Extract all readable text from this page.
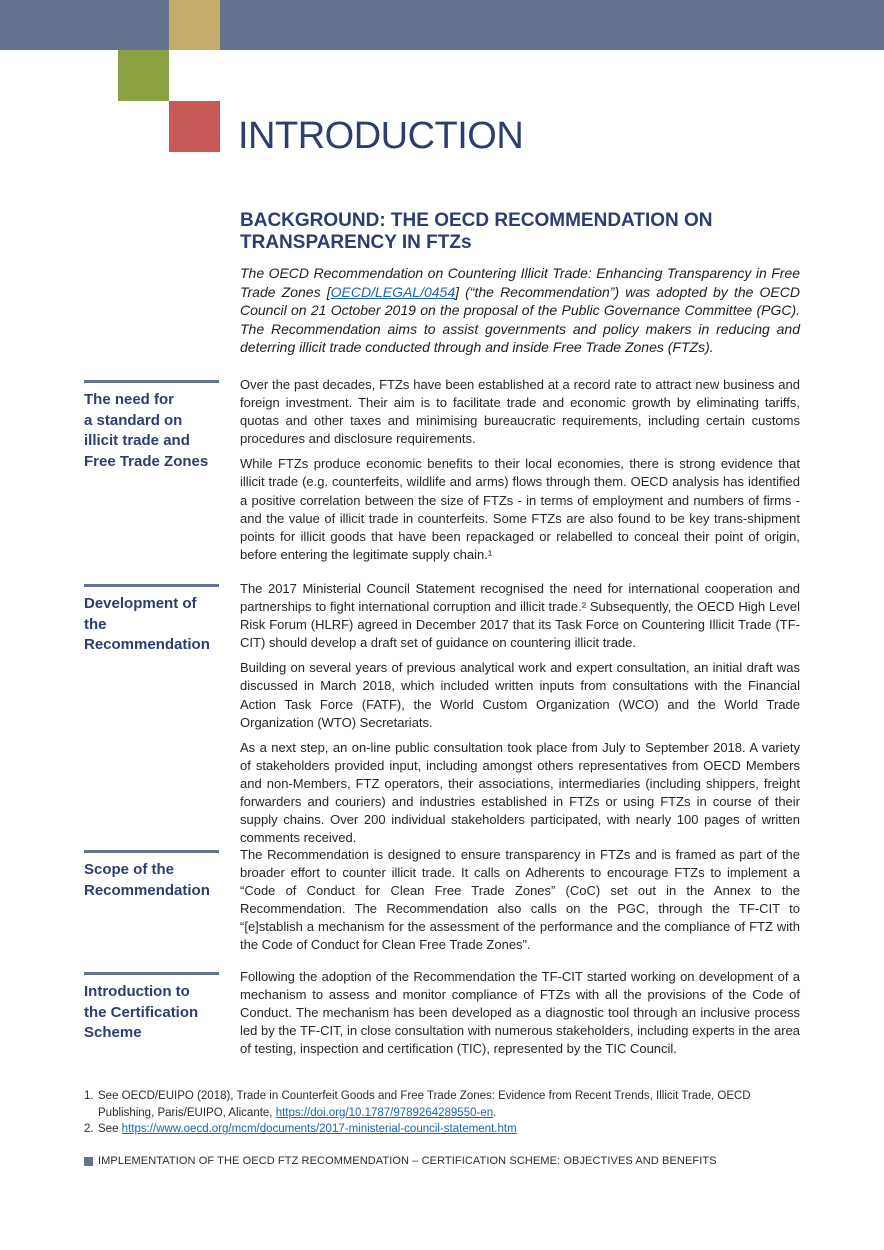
INTRODUCTION
BACKGROUND: THE OECD RECOMMENDATION ON TRANSPARENCY IN FTZs

The OECD Recommendation on Countering Illicit Trade: Enhancing Transparency in Free Trade Zones [OECD/LEGAL/0454] (“the Recommendation”) was adopted by the OECD Council on 21 October 2019 on the proposal of the Public Governance Committee (PGC). The Recommendation aims to assist governments and policy makers in reducing and deterring illicit trade conducted through and inside Free Trade Zones (FTZs).

The need for
a standard on
illicit trade and
Free Trade Zones

Over the past decades, FTZs have been established at a record rate to attract new business and foreign investment. Their aim is to facilitate trade and economic growth by eliminating tariffs, quotas and other taxes and minimising bureaucratic requirements, including certain customs procedures and disclosure requirements.

While FTZs produce economic benefits to their local economies, there is strong evidence that illicit trade (e.g. counterfeits, wildlife and arms) flows through them. OECD analysis has identified a positive correlation between the size of FTZs - in terms of employment and numbers of firms - and the value of illicit trade in counterfeits. Some FTZs are also found to be key trans-shipment points for illicit goods that have been repackaged or relabelled to conceal their point of origin, before entering the legitimate supply chain.¹

Development of the
Recommendation

The 2017 Ministerial Council Statement recognised the need for international cooperation and partnerships to fight international corruption and illicit trade.² Subsequently, the OECD High Level Risk Forum (HLRF) agreed in December 2017 that its Task Force on Countering Illicit Trade (TF-CIT) should develop a draft set of guidance on countering illicit trade.

Building on several years of previous analytical work and expert consultation, an initial draft was discussed in March 2018, which included written inputs from consultations with the Financial Action Task Force (FATF), the World Custom Organization (WCO) and the World Trade Organization (WTO) Secretariats.

As a next step, an on-line public consultation took place from July to September 2018. A variety of stakeholders provided input, including amongst others representatives from OECD Members and non-Members, FTZ operators, their associations, intermediaries (including shippers, freight forwarders and couriers) and industries established in FTZs or using FTZs in course of their supply chains. Over 200 individual stakeholders participated, with nearly 100 pages of written comments received.

Scope of the
Recommendation

The Recommendation is designed to ensure transparency in FTZs and is framed as part of the broader effort to counter illicit trade. It calls on Adherents to encourage FTZs to implement a “Code of Conduct for Clean Free Trade Zones” (CoC) set out in the Annex to the Recommendation. The Recommendation also calls on the PGC, through the TF-CIT to “[e]stablish a mechanism for the assessment of the performance and the compliance of FTZ with the Code of Conduct for Clean Free Trade Zones”.

Introduction to
the Certification
Scheme

Following the adoption of the Recommendation the TF-CIT started working on development of a mechanism to assess and monitor compliance of FTZs with all the provisions of the Code of Conduct. The mechanism has been developed as a diagnostic tool through an inclusive process led by the TF-CIT, in close consultation with numerous stakeholders, including experts in the area of testing, inspection and certification (TIC), represented by the TIC Council.

1. See OECD/EUIPO (2018), Trade in Counterfeit Goods and Free Trade Zones: Evidence from Recent Trends, Illicit Trade, OECD Publishing, Paris/EUIPO, Alicante, https://doi.org/10.1787/9789264289550-en.
2. See https://www.oecd.org/mcm/documents/2017-ministerial-council-statement.htm
IMPLEMENTATION OF THE OECD FTZ RECOMMENDATION – CERTIFICATION SCHEME: OBJECTIVES AND BENEFITS
